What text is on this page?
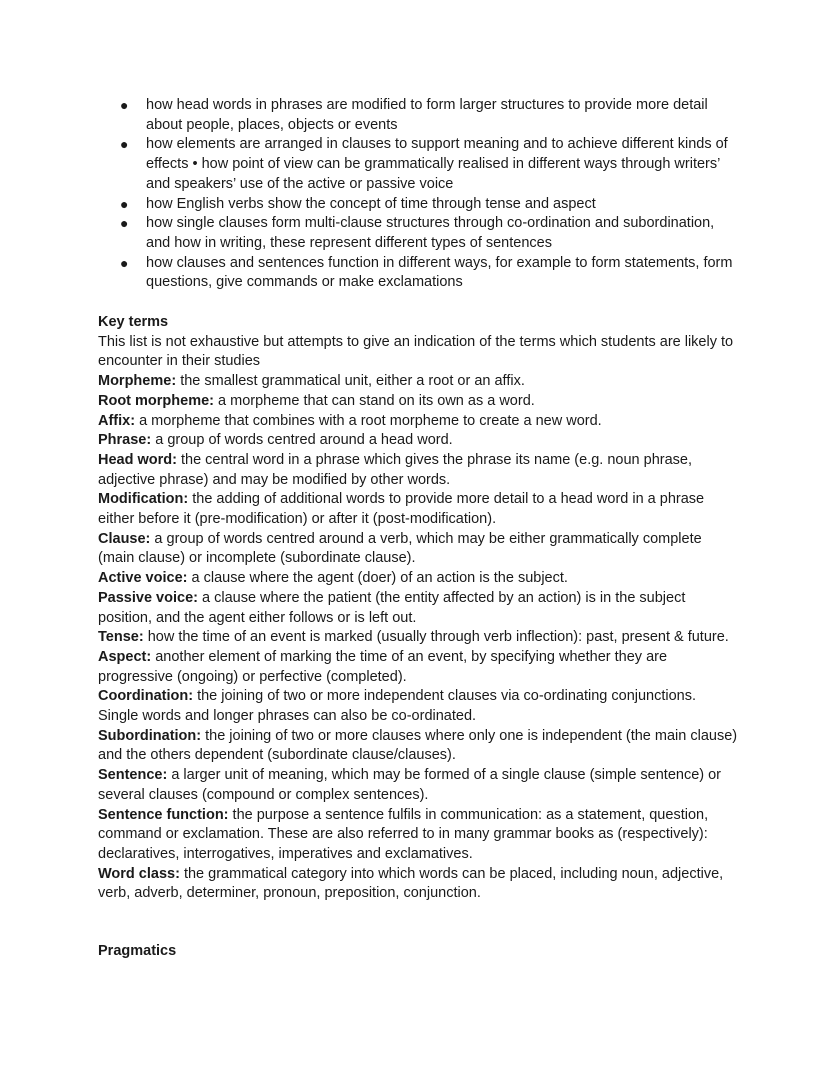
● how head words in phrases are modified to form larger structures to provide more detail about people, places, objects or events
● how elements are arranged in clauses to support meaning and to achieve different kinds of effects • how point of view can be grammatically realised in different ways through writers’ and speakers’ use of the active or passive voice
● how English verbs show the concept of time through tense and aspect
● how single clauses form multi-clause structures through co-ordination and subordination, and how in writing, these represent different types of sentences
● how clauses and sentences function in different ways, for example to form statements, form questions, give commands or make exclamations
Key terms
This list is not exhaustive but attempts to give an indication of the terms which students are likely to encounter in their studies

Morpheme: the smallest grammatical unit, either a root or an affix.

Root morpheme: a morpheme that can stand on its own as a word.

Affix: a morpheme that combines with a root morpheme to create a new word.

Phrase: a group of words centred around a head word.

Head word: the central word in a phrase which gives the phrase its name (e.g. noun phrase, adjective phrase) and may be modified by other words.

Modification: the adding of additional words to provide more detail to a head word in a phrase either before it (pre-modification) or after it (post-modification).

Clause: a group of words centred around a verb, which may be either grammatically complete (main clause) or incomplete (subordinate clause).

Active voice: a clause where the agent (doer) of an action is the subject.

Passive voice: a clause where the patient (the entity affected by an action) is in the subject position, and the agent either follows or is left out.

Tense: how the time of an event is marked (usually through verb inflection): past, present & future.

Aspect: another element of marking the time of an event, by specifying whether they are progressive (ongoing) or perfective (completed).

Coordination: the joining of two or more independent clauses via co-ordinating conjunctions. Single words and longer phrases can also be co-ordinated.

Subordination: the joining of two or more clauses where only one is independent (the main clause) and the others dependent (subordinate clause/clauses).

Sentence: a larger unit of meaning, which may be formed of a single clause (simple sentence) or several clauses (compound or complex sentences).

Sentence function: the purpose a sentence fulfils in communication: as a statement, question, command or exclamation. These are also referred to in many grammar books as (respectively): declaratives, interrogatives, imperatives and exclamatives.

Word class: the grammatical category into which words can be placed, including noun, adjective, verb, adverb, determiner, pronoun, preposition, conjunction.

Pragmatics
